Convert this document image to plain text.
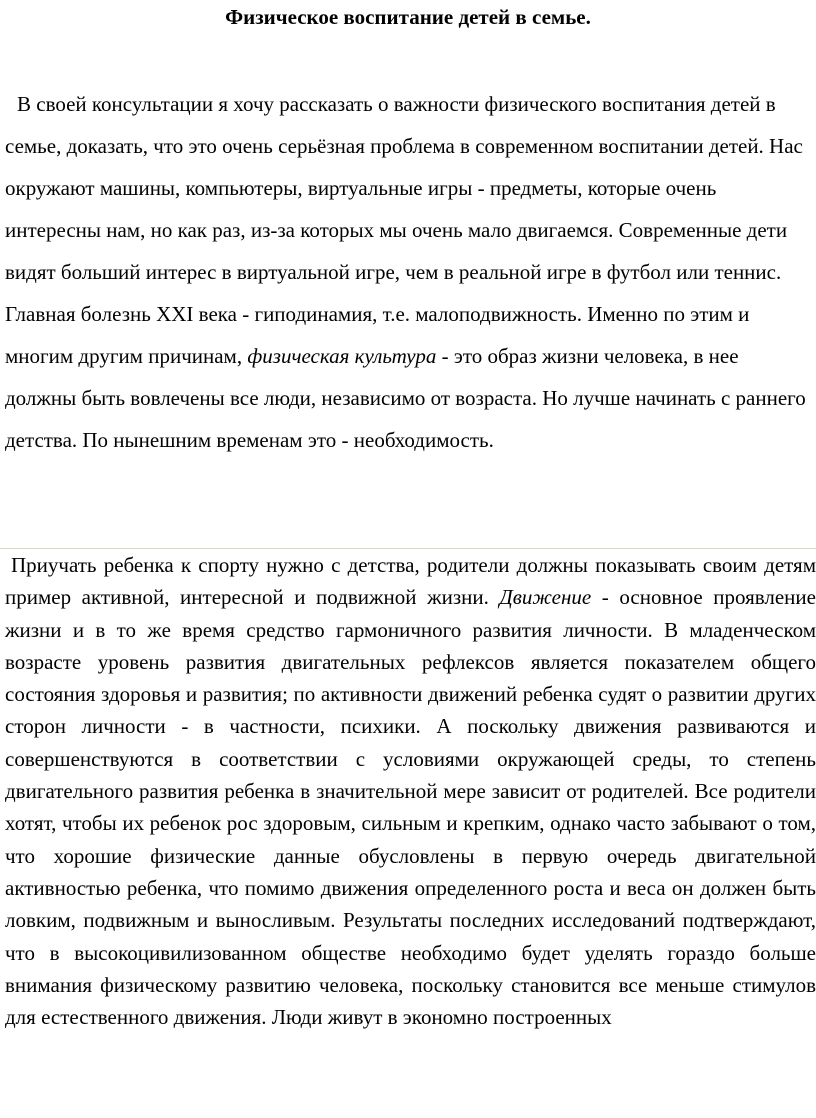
Физическое воспитание детей в семье.

В своей консультации я хочу рассказать о важности физического воспитания детей в семье, доказать, что это очень серьёзная проблема в современном воспитании детей. Нас окружают машины, компьютеры, виртуальные игры - предметы, которые очень интересны нам, но как раз, из-за которых мы очень мало двигаемся. Современные дети видят больший интерес в виртуальной игре, чем в реальной игре в футбол или теннис. Главная болезнь XXI века - гиподинамия, т.е. малоподвижность. Именно по этим и многим другим причинам, физическая культура - это образ жизни человека, в нее должны быть вовлечены все люди, независимо от возраста. Но лучше начинать с раннего детства. По нынешним временам это - необходимость.

Приучать ребенка к спорту нужно с детства, родители должны показывать своим детям пример активной, интересной и подвижной жизни. Движение - основное проявление жизни и в то же время средство гармоничного развития личности. В младенческом возрасте уровень развития двигательных рефлексов является показателем общего состояния здоровья и развития; по активности движений ребенка судят о развитии других сторон личности - в частности, психики. А поскольку движения развиваются и совершенствуются в соответствии с условиями окружающей среды, то степень двигательного развития ребенка в значительной мере зависит от родителей. Все родители хотят, чтобы их ребенок рос здоровым, сильным и крепким, однако часто забывают о том, что хорошие физические данные обусловлены в первую очередь двигательной активностью ребенка, что помимо движения определенного роста и веса он должен быть ловким, подвижным и выносливым. Результаты последних исследований подтверждают, что в высокоцивилизованном обществе необходимо будет уделять гораздо больше внимания физическому развитию человека, поскольку становится все меньше стимулов для естественного движения. Люди живут в экономно построенных
